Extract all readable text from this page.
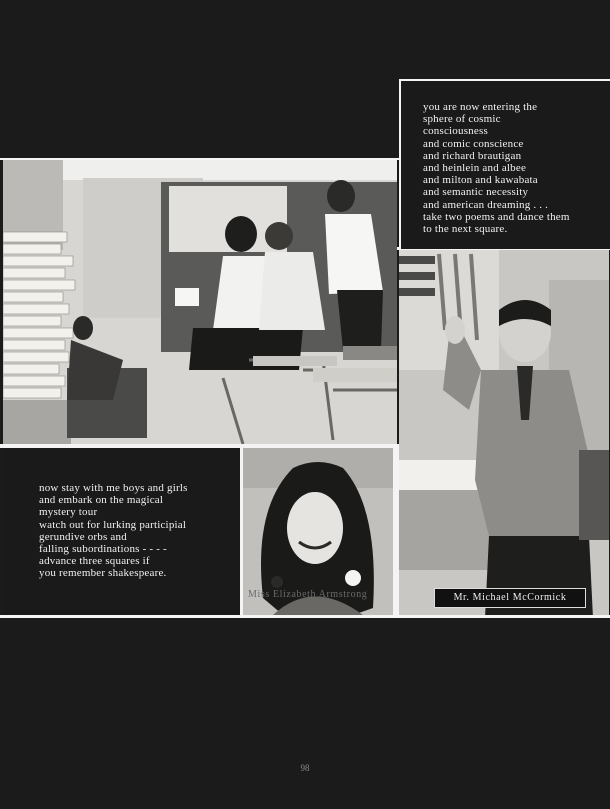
you are now entering the
sphere of cosmic
consciousness
and comic conscience
and richard brautigan
and heinlein and albee
and milton and kawabata
and semantic necessity
and american dreaming . . .
take two poems and dance them
to the next square.
now stay with me boys and girls
and embark on the magical
mystery tour
watch out for lurking participial
gerundive orbs and
falling subordinations - - - -
advance three squares if
you remember shakespeare.
Miss Elizabeth Armstrong	Mr. Michael McCormick
98
